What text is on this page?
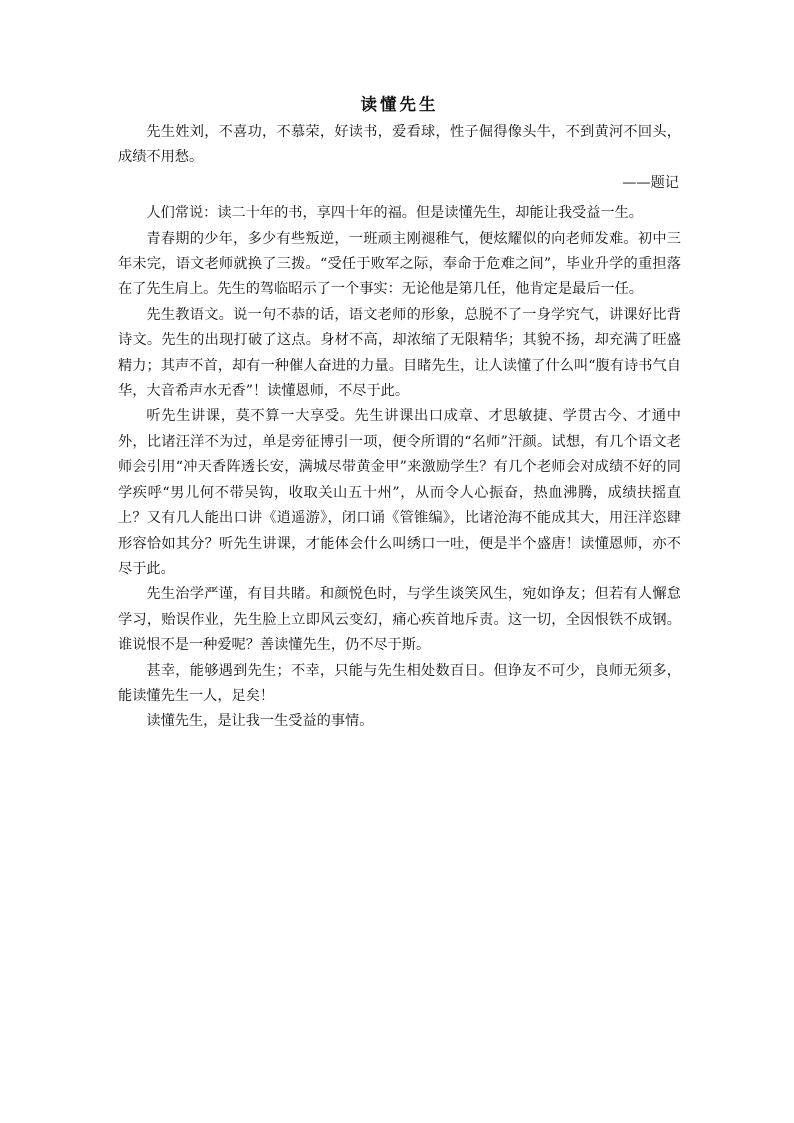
读懂先生

先生姓刘，不喜功，不慕荣，好读书，爱看球，性子倔得像头牛，不到黄河不回头，成绩不用愁。

——题记

人们常说：读二十年的书，享四十年的福。但是读懂先生，却能让我受益一生。

青春期的少年，多少有些叛逆，一班顽主刚褪稚气，便炫耀似的向老师发难。初中三年未完，语文老师就换了三拨。“受任于败军之际，奉命于危难之间”，毕业升学的重担落在了先生肩上。先生的驾临昭示了一个事实：无论他是第几任，他肯定是最后一任。

先生教语文。说一句不恭的话，语文老师的形象，总脱不了一身学究气，讲课好比背诗文。先生的出现打破了这点。身材不高，却浓缩了无限精华；其貌不扬，却充满了旺盛精力；其声不首，却有一种催人奋进的力量。目睹先生，让人读懂了什么叫“腹有诗书气自华，大音希声水无香”！读懂恩师，不尽于此。

听先生讲课，莫不算一大享受。先生讲课出口成章、才思敏捷、学贯古今、才通中外，比诸汪洋不为过，单是旁征博引一项，便令所谓的“名师”汗颜。试想，有几个语文老师会引用“冲天香阵透长安，满城尽带黄金甲”来激励学生？有几个老师会对成绩不好的同学疾呼“男儿何不带吴钩，收取关山五十州”，从而令人心振奋，热血沸腾，成绩扶摇直上？又有几人能出口讲《逍遥游》，闭口诵《管锥编》，比诸沧海不能成其大，用汪洋恣肆形容恰如其分？听先生讲课，才能体会什么叫绣口一吐，便是半个盛唐！读懂恩师，亦不尽于此。

先生治学严谨，有目共睹。和颜悦色时，与学生谈笑风生，宛如诤友；但若有人懈怠学习，贻误作业，先生脸上立即风云变幻，痛心疾首地斥责。这一切，全因恨铁不成钢。谁说恨不是一种爱呢？善读懂先生，仍不尽于斯。

甚幸，能够遇到先生；不幸，只能与先生相处数百日。但诤友不可少，良师无须多，能读懂先生一人，足矣！

读懂先生，是让我一生受益的事情。
